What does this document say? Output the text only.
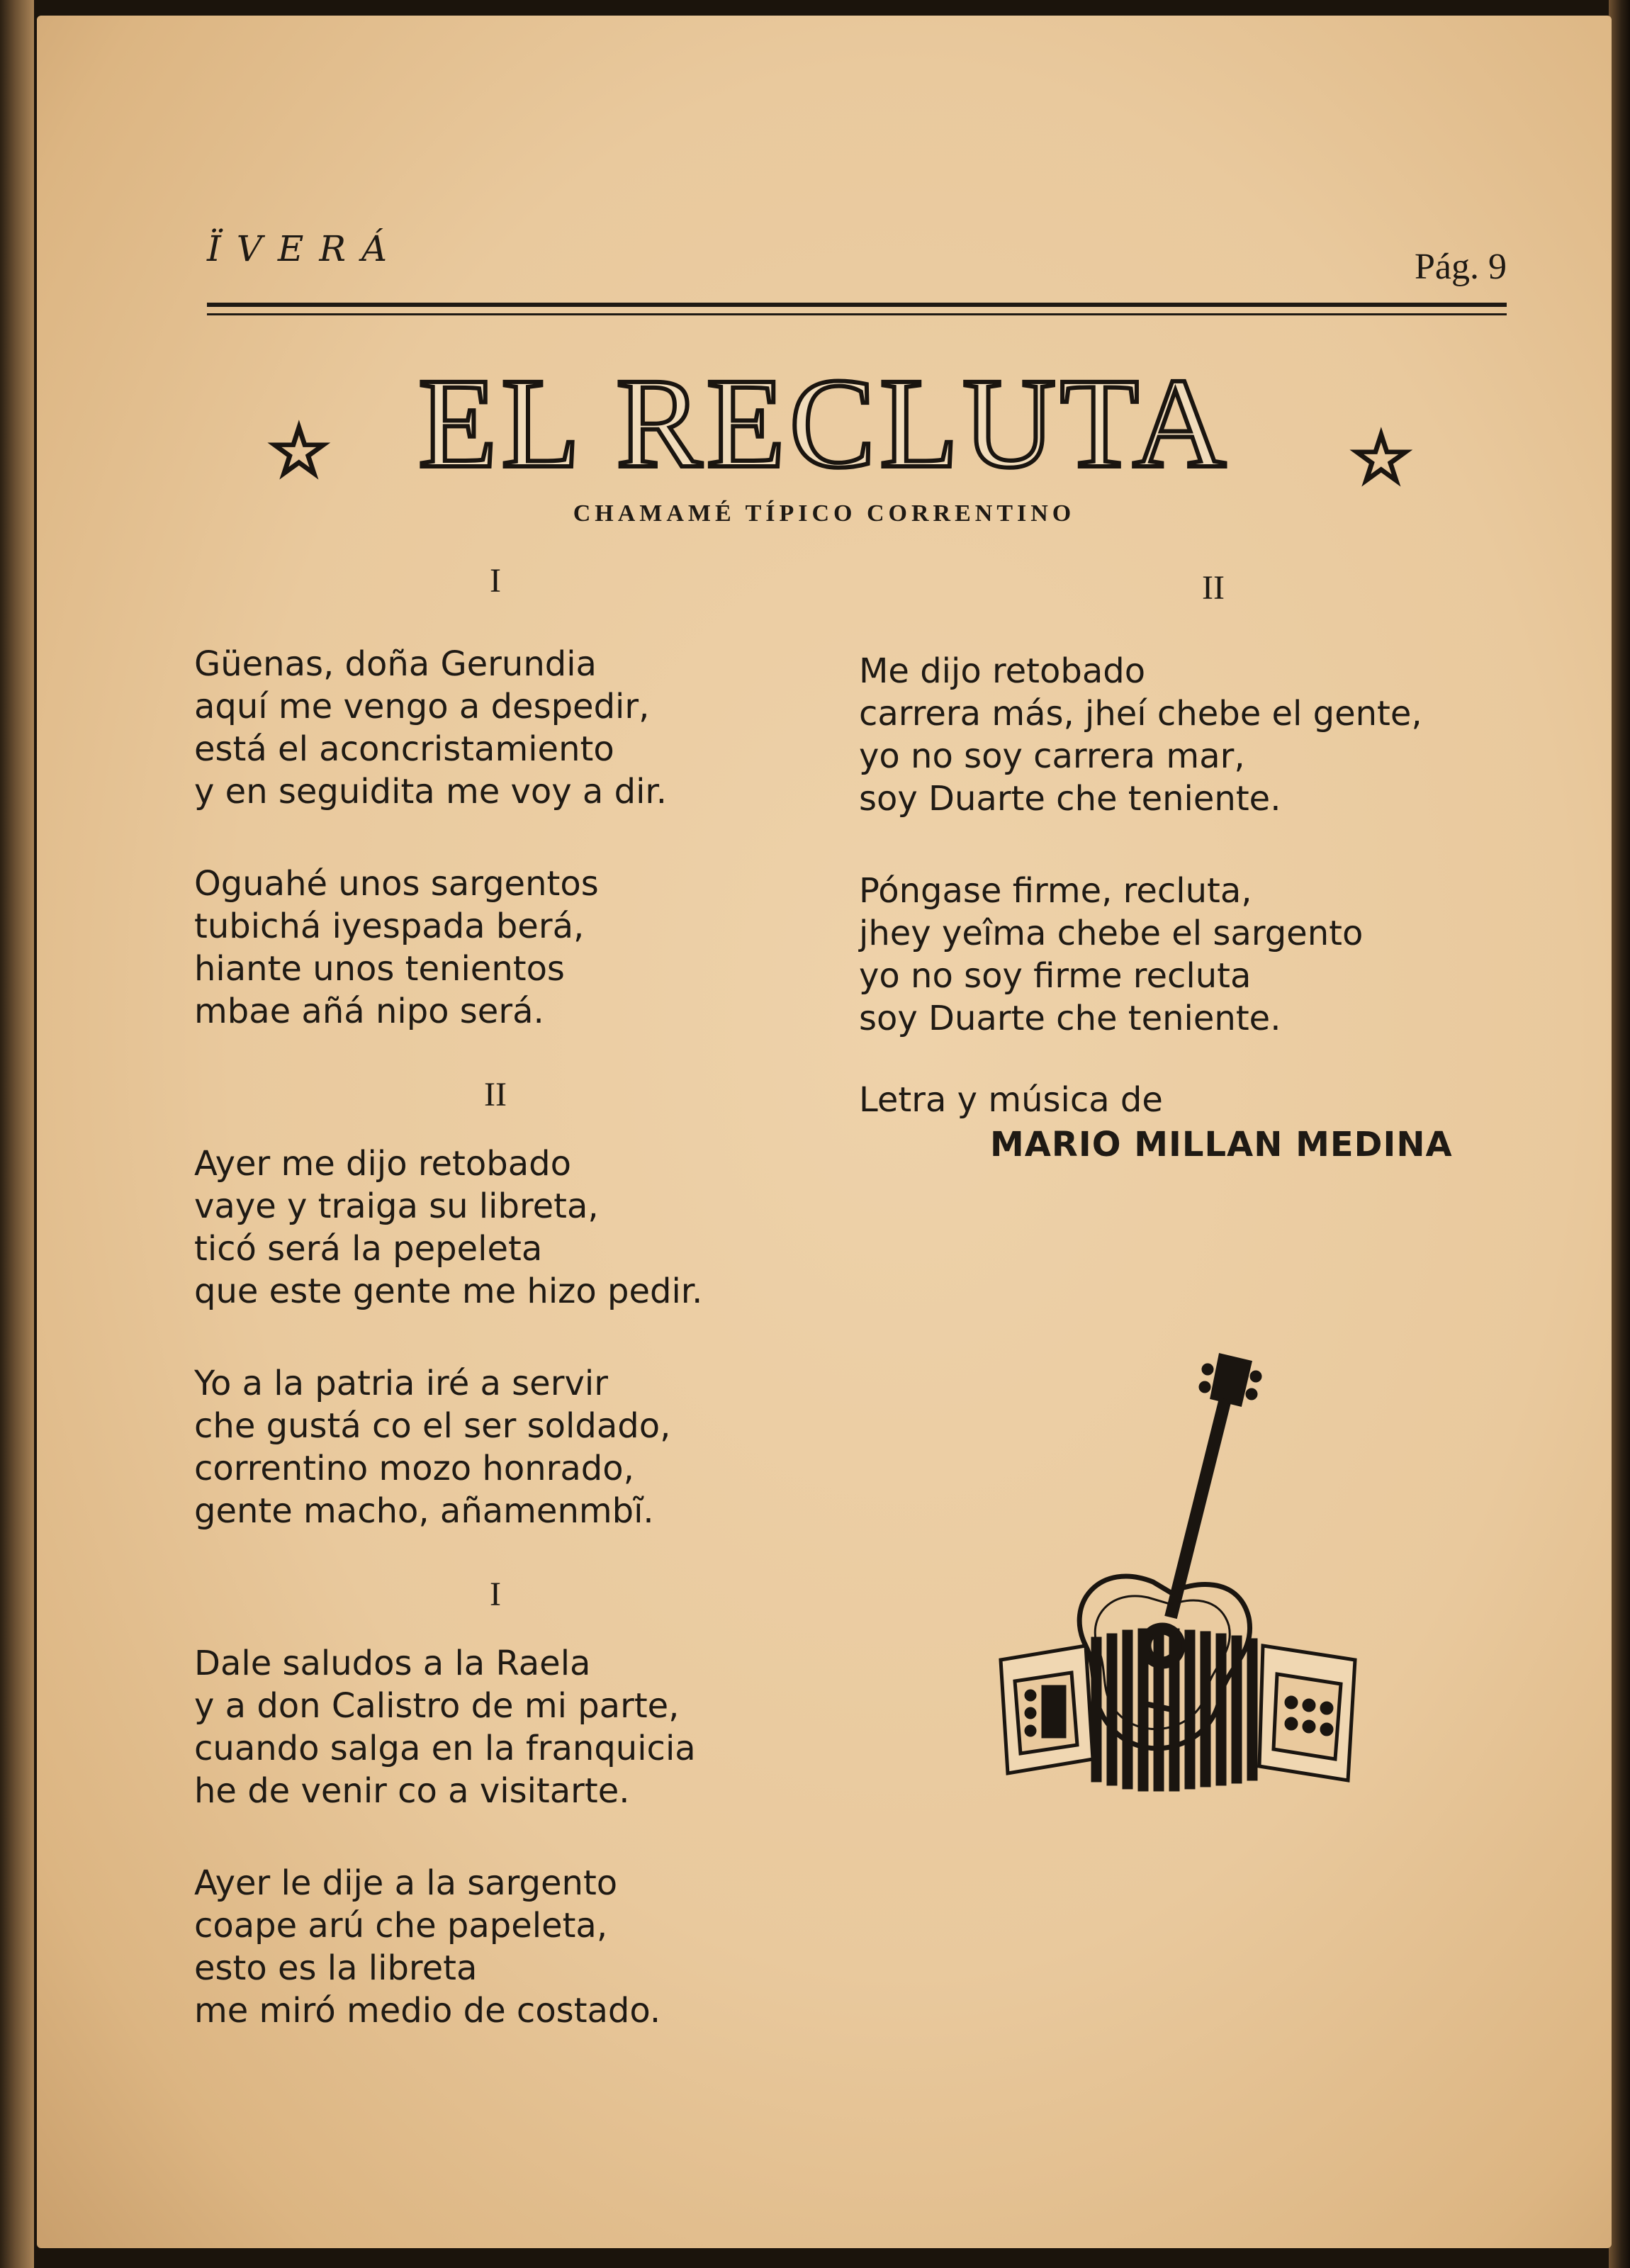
ÏVERÁ	Pág. 9
☆ EL RECLUTA	☆
CHAMAMÉ TÍPICO CORRENTINO
I
Güenas, doña Gerundia
aquí me vengo a despedir,
está el aconcristamiento
y en seguidita me voy a dir.
Oguahé unos sargentos
tubichá iyespada berá,
hiante unos tenientos
mbae añá nipo será.
II
Ayer me dijo retobado
vaye y traiga su libreta,
ticó será la pepeleta
que este gente me hizo pedir.
Yo a la patria iré a servir
che gustá co el ser soldado,
correntino mozo honrado,
gente macho, añamenmbĩ.
I
Dale saludos a la Raela
y a don Calistro de mi parte,
cuando salga en la franquicia
he de venir co a visitarte.
Ayer le dije a la sargento
coape arú che papeleta,
esto es la libreta
me miró medio de costado.
II
Me dijo retobado
carrera más, jheí chebe el gente,
yo no soy carrera mar,
soy Duarte che teniente.
Póngase firme, recluta,
jhey yeîma chebe el sargento
yo no soy firme recluta
soy Duarte che teniente.
Letra y música de
MARIO MILLAN MEDINA
